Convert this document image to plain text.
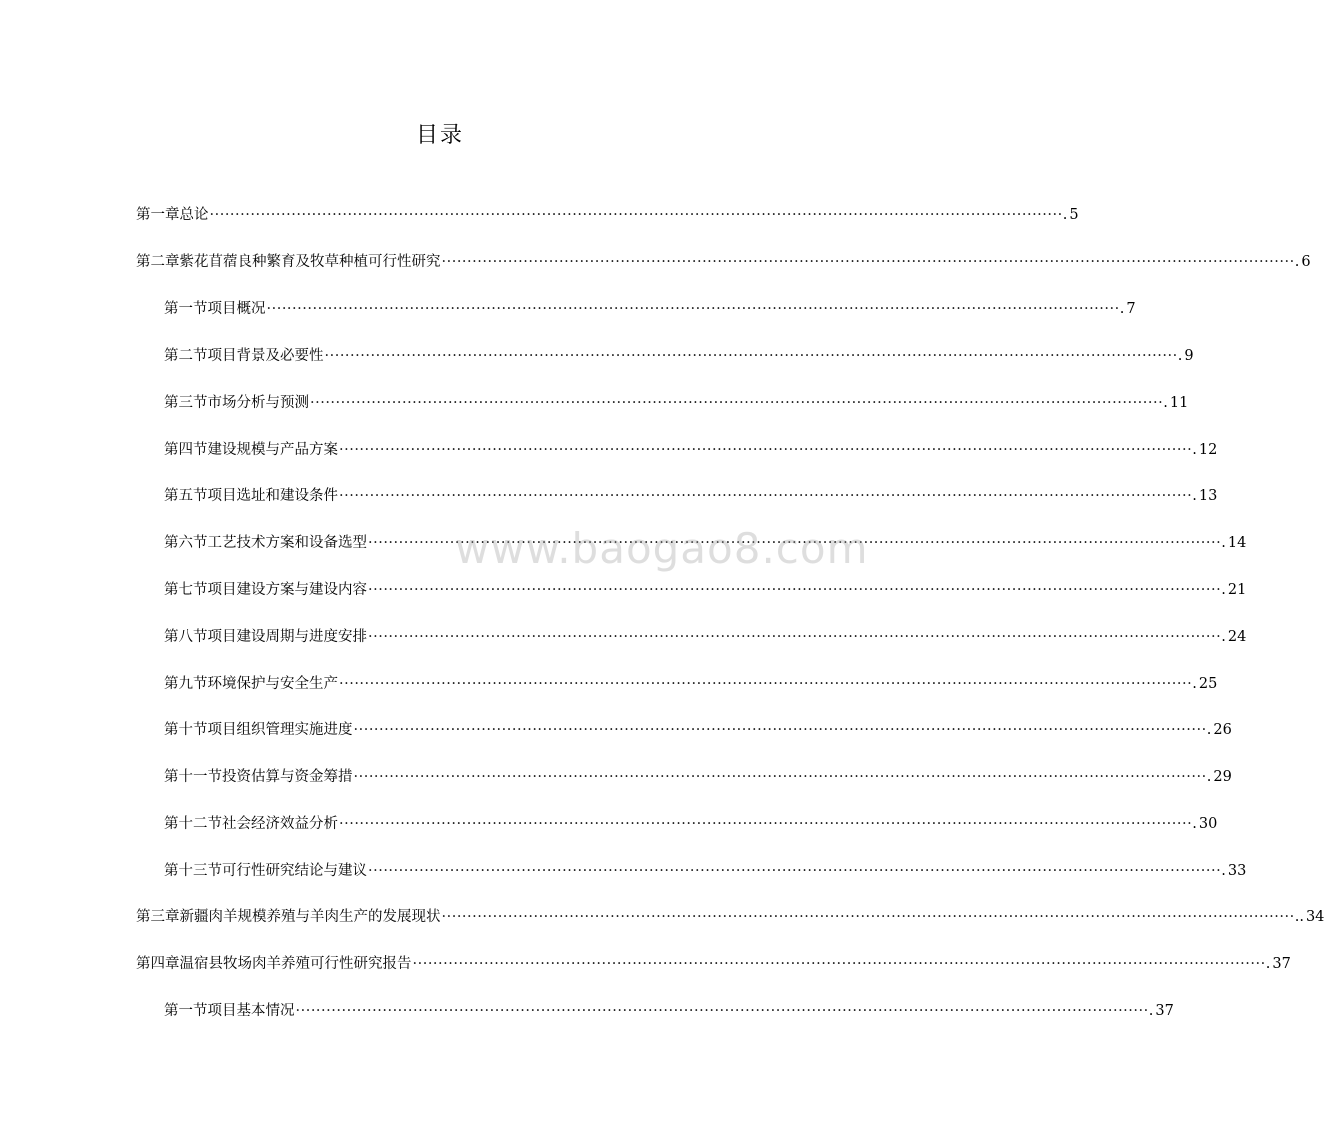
目录
第一章 总论 ·····	. 5
第二章 紫花苜蓿良种繁育及牧草种植可行性研究 ·····	. 6
第一节 项目概况 ·····	. 7
第二节 项目背景及必要性 ·····	. 9
第三节 市场分析与预测 ·····	. 11
第四节 建设规模与产品方案 ·····	. 12
第五节 项目选址和建设条件 ·····	. 13
第六节 工艺技术方案和设备选型 ·····	. 14
第七节 项目建设方案与建设内容 ·····	. 21
第八节 项目建设周期与进度安排 ·····	. 24
第九节 环境保护与安全生产 ·····	. 25
第十节 项目组织管理实施进度 ·····	. 26
第十一节 投资估算与资金筹措 ·····	. 29
第十二节 社会经济效益分析 ·····	. 30
第十三节 可行性研究结论与建议 ·····	. 33
第三章 新疆肉羊规模养殖与羊肉生产的发展现状 ·····	.. 34
第四章 温宿县牧场肉羊养殖可行性研究报告 ·····	. 37
第一节 项目基本情况 ·····	. 37
www.baogao8.com
